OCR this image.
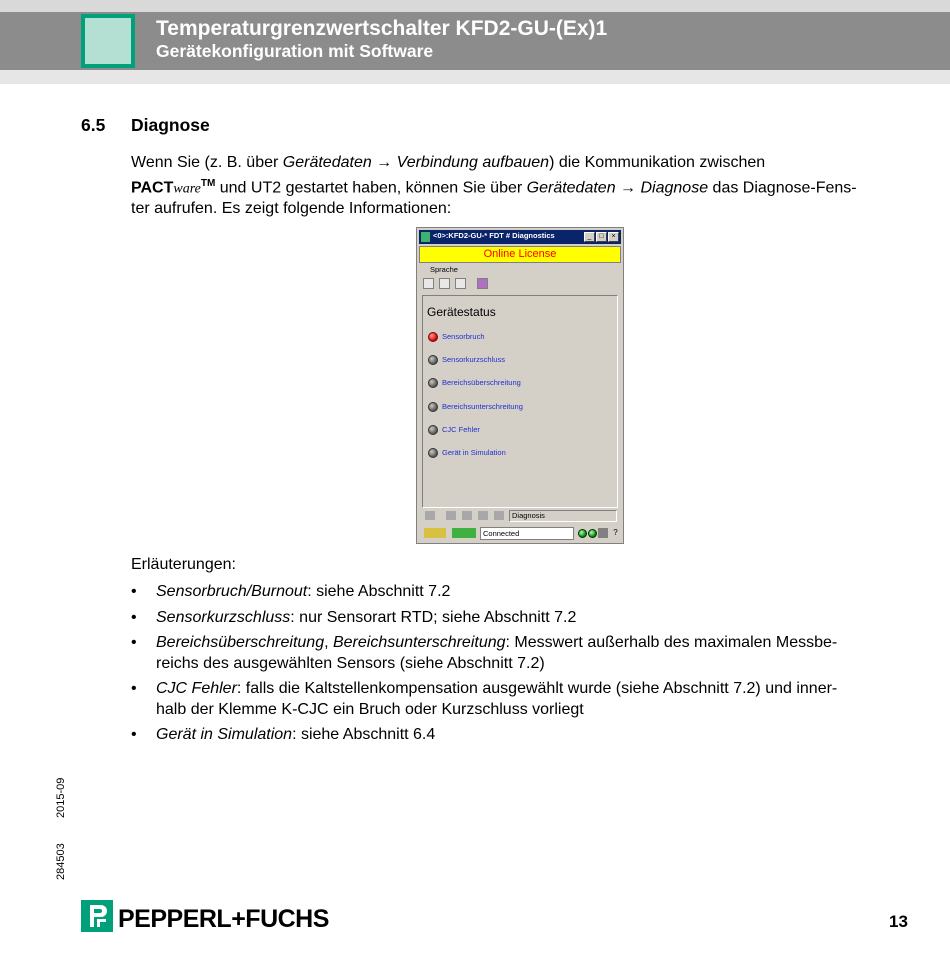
Temperaturgrenzwertschalter KFD2-GU-(Ex)1
Gerätekonfiguration mit Software
6.5 Diagnose
Wenn Sie (z. B. über Gerätedaten → Verbindung aufbauen) die Kommunikation zwischen
PACTware™ und UT2 gestartet haben, können Sie über Gerätedaten → Diagnose das Diagnose-Fens-
ter aufrufen. Es zeigt folgende Informationen:
<0>:KFD2-GU-* FDT # Diagnostics	_	□	×
Online License
Sprache
Gerätestatus
Sensorbruch
Sensorkurzschluss
Bereichsüberschreitung
Bereichsunterschreitung
CJC Fehler
Gerät in Simulation
Diagnosis
Connected	?
Erläuterungen:
• Sensorbruch/Burnout: siehe Abschnitt 7.2
• Sensorkurzschluss: nur Sensorart RTD; siehe Abschnitt 7.2
• Bereichsüberschreitung, Bereichsunterschreitung: Messwert außerhalb des maximalen Messbe-
reichs des ausgewählten Sensors (siehe Abschnitt 7.2)
• CJC Fehler: falls die Kaltstellenkompensation ausgewählt wurde (siehe Abschnitt 7.2) und inner-
halb der Klemme K-CJC ein Bruch oder Kurzschluss vorliegt
• Gerät in Simulation: siehe Abschnitt 6.4
2015-09
284503
PEPPERL+FUCHS	13
